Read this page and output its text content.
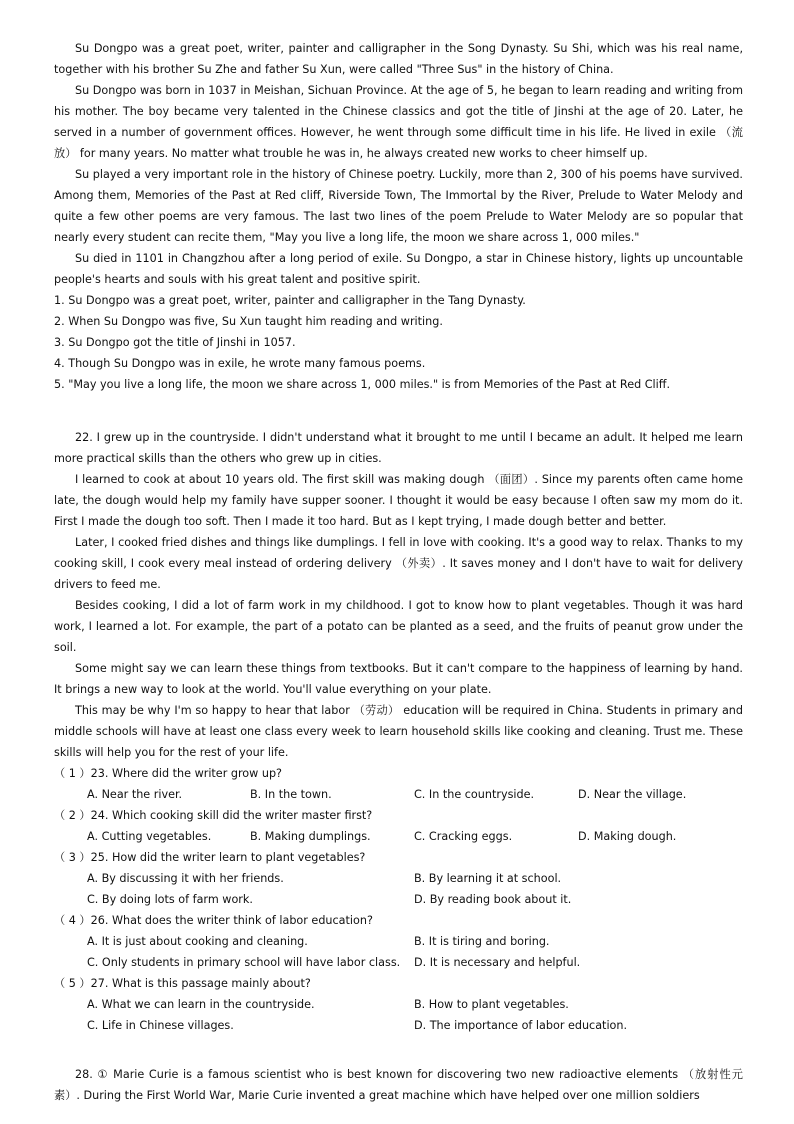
Su Dongpo was a great poet, writer, painter and calligrapher in the Song Dynasty. Su Shi, which was his real name, together with his brother Su Zhe and father Su Xun, were called "Three Sus" in the history of China.

Su Dongpo was born in 1037 in Meishan, Sichuan Province. At the age of 5, he began to learn reading and writing from his mother. The boy became very talented in the Chinese classics and got the title of Jinshi at the age of 20. Later, he served in a number of government offices. However, he went through some difficult time in his life. He lived in exile （流放） for many years. No matter what trouble he was in, he always created new works to cheer himself up.

Su played a very important role in the history of Chinese poetry. Luckily, more than 2, 300 of his poems have survived. Among them, Memories of the Past at Red cliff, Riverside Town, The Immortal by the River, Prelude to Water Melody and quite a few other poems are very famous. The last two lines of the poem Prelude to Water Melody are so popular that nearly every student can recite them, "May you live a long life, the moon we share across 1, 000 miles."

Su died in 1101 in Changzhou after a long period of exile. Su Dongpo, a star in Chinese history, lights up uncountable people's hearts and souls with his great talent and positive spirit.

1. Su Dongpo was a great poet, writer, painter and calligrapher in the Tang Dynasty.

2. When Su Dongpo was five, Su Xun taught him reading and writing.

3. Su Dongpo got the title of Jinshi in 1057.

4. Though Su Dongpo was in exile, he wrote many famous poems.

5. "May you live a long life, the moon we share across 1, 000 miles." is from Memories of the Past at Red Cliff.

22. I grew up in the countryside. I didn't understand what it brought to me until I became an adult. It helped me learn more practical skills than the others who grew up in cities.

I learned to cook at about 10 years old. The first skill was making dough （面团）. Since my parents often came home late, the dough would help my family have supper sooner. I thought it would be easy because I often saw my mom do it. First I made the dough too soft. Then I made it too hard. But as I kept trying, I made dough better and better.

Later, I cooked fried dishes and things like dumplings. I fell in love with cooking. It's a good way to relax. Thanks to my cooking skill, I cook every meal instead of ordering delivery （外卖）. It saves money and I don't have to wait for delivery drivers to feed me.

Besides cooking, I did a lot of farm work in my childhood. I got to know how to plant vegetables. Though it was hard work, I learned a lot. For example, the part of a potato can be planted as a seed, and the fruits of peanut grow under the soil.

Some might say we can learn these things from textbooks. But it can't compare to the happiness of learning by hand. It brings a new way to look at the world. You'll value everything on your plate.

This may be why I'm so happy to hear that labor （劳动） education will be required in China. Students in primary and middle schools will have at least one class every week to learn household skills like cooking and cleaning. Trust me. These skills will help you for the rest of your life.

（ 1 ）23. Where did the writer grow up?
A. Near the river.	B. In the town.	C. In the countryside.	D. Near the village.
（ 2 ）24. Which cooking skill did the writer master first?
A. Cutting vegetables.	B. Making dumplings.	C. Cracking eggs.	D. Making dough.
（ 3 ）25. How did the writer learn to plant vegetables?
A. By discussing it with her friends.	B. By learning it at school.
C. By doing lots of farm work.	D. By reading book about it.
（ 4 ）26. What does the writer think of labor education?
A. It is just about cooking and cleaning.	B. It is tiring and boring.
C. Only students in primary school will have labor class.	D. It is necessary and helpful.
（ 5 ）27. What is this passage mainly about?
A. What we can learn in the countryside.	B. How to plant vegetables.
C. Life in Chinese villages.	D. The importance of labor education.

28. ① Marie Curie is a famous scientist who is best known for discovering two new radioactive elements （放射性元素）. During the First World War, Marie Curie invented a great machine which have helped over one million soldiers
